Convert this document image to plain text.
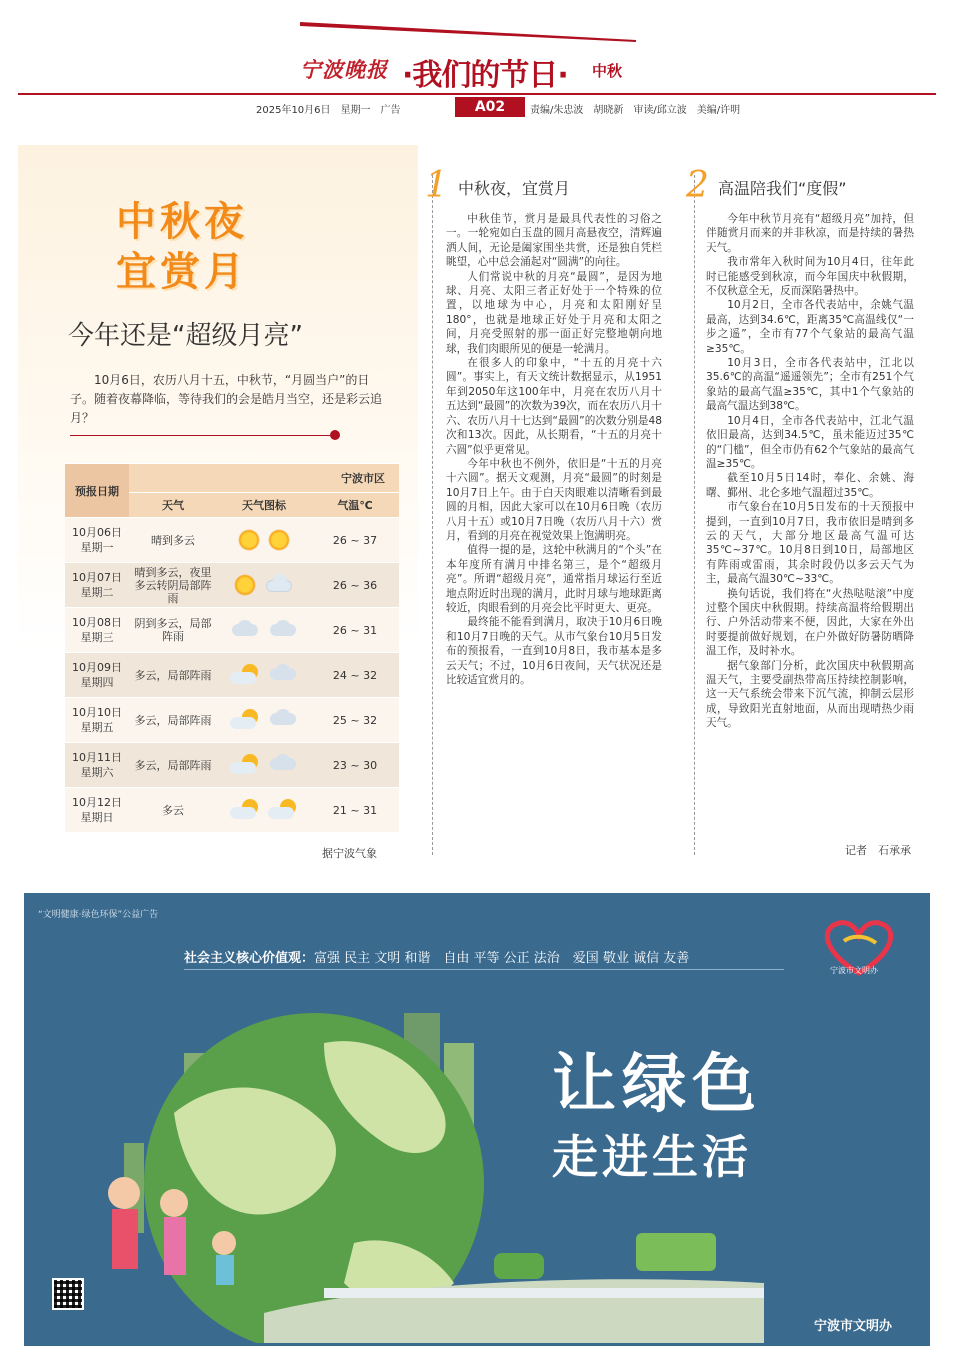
宁波晚报 ·我们的节日· 中秋
2025年10月6日　星期一　广告	A02	责编/朱忠波　胡晓新　审读/邱立波　美编/许明
中秋夜
宜赏月
今年还是“超级月亮”
10月6日，农历八月十五，中秋节，“月圆当户”的日子。随着夜幕降临，等待我们的会是皓月当空，还是彩云追月？
预报日期	宁波市区		
	天气	天气图标	气温℃

10月06日
星期一	晴到多云		26 ~ 37

10月07日
星期二	晴到多云，夜里多云转阴局部阵雨		26 ~ 36

10月08日
星期三	阴到多云，局部阵雨		26 ~ 31

10月09日
星期四	多云，局部阵雨		24 ~ 32

10月10日
星期五	多云，局部阵雨		25 ~ 32

10月11日
星期六	多云，局部阵雨		23 ~ 30

10月12日
星期日	多云		21 ~ 31
据宁波气象
1 中秋夜，宜赏月

中秋佳节，赏月是最具代表性的习俗之一。一轮宛如白玉盘的圆月高悬夜空，清辉遍洒人间，无论是阖家围坐共赏，还是独自凭栏眺望，心中总会涌起对“圆满”的向往。

人们常说中秋的月亮“最圆”，是因为地球、月亮、太阳三者正好处于一个特殊的位置，以地球为中心，月亮和太阳刚好呈180°，也就是地球正好处于月亮和太阳之间，月亮受照射的那一面正好完整地朝向地球，我们肉眼所见的便是一轮满月。

在很多人的印象中，“十五的月亮十六圆”。事实上，有天文统计数据显示，从1951年到2050年这100年中，月亮在农历八月十五达到“最圆”的次数为39次，而在农历八月十六、农历八月十七达到“最圆”的次数分别是48次和13次。因此，从长期看，“十五的月亮十六圆”似乎更常见。

今年中秋也不例外，依旧是“十五的月亮十六圆”。据天文观测，月亮“最圆”的时刻是10月7日上午。由于白天肉眼难以清晰看到最圆的月相，因此大家可以在10月6日晚（农历八月十五）或10月7日晚（农历八月十六）赏月，看到的月亮在视觉效果上饱满明亮。

值得一提的是，这轮中秋满月的“个头”在本年度所有满月中排名第三，是个“超级月亮”。所谓“超级月亮”，通常指月球运行至近地点附近时出现的满月，此时月球与地球距离较近，肉眼看到的月亮会比平时更大、更亮。

最终能不能看到满月，取决于10月6日晚和10月7日晚的天气。从市气象台10月5日发布的预报看，一直到10月8日，我市基本是多云天气；不过，10月6日夜间，天气状况还是比较适宜赏月的。

2 高温陪我们“度假”

今年中秋节月亮有“超级月亮”加持，但伴随赏月而来的并非秋凉，而是持续的暑热天气。

我市常年入秋时间为10月4日，往年此时已能感受到秋凉，而今年国庆中秋假期，不仅秋意全无，反而深陷暑热中。

10月2日，全市各代表站中，余姚气温最高，达到34.6℃，距离35℃高温线仅“一步之遥”，全市有77个气象站的最高气温≥35℃。

10月3日，全市各代表站中，江北以35.6℃的高温“遥遥领先”；全市有251个气象站的最高气温≥35℃，其中1个气象站的最高气温达到38℃。

10月4日，全市各代表站中，江北气温依旧最高，达到34.5℃，虽未能迈过35℃的“门槛”，但全市仍有62个气象站的最高气温≥35℃。

截至10月5日14时，奉化、余姚、海曙、鄞州、北仑多地气温超过35℃。

市气象台在10月5日发布的十天预报中提到，一直到10月7日，我市依旧是晴到多云的天气，大部分地区最高气温可达35℃~37℃。10月8日到10日，局部地区有阵雨或雷雨，其余时段仍以多云天气为主，最高气温30℃~33℃。

换句话说，我们将在“火热哒哒滚”中度过整个国庆中秋假期。持续高温将给假期出行、户外活动带来不便，因此，大家在外出时要提前做好规划，在户外做好防暑防晒降温工作，及时补水。

据气象部门分析，此次国庆中秋假期高温天气，主要受副热带高压持续控制影响，这一天气系统会带来下沉气流，抑制云层形成，导致阳光直射地面，从而出现晴热少雨天气。

记者　石承承
“文明健康·绿色环保”公益广告
社会主义核心价值观：富强 民主 文明 和谐　自由 平等 公正 法治　爱国 敬业 诚信 友善
宁波市文明办
让绿色
走进生活
宁波市文明办
